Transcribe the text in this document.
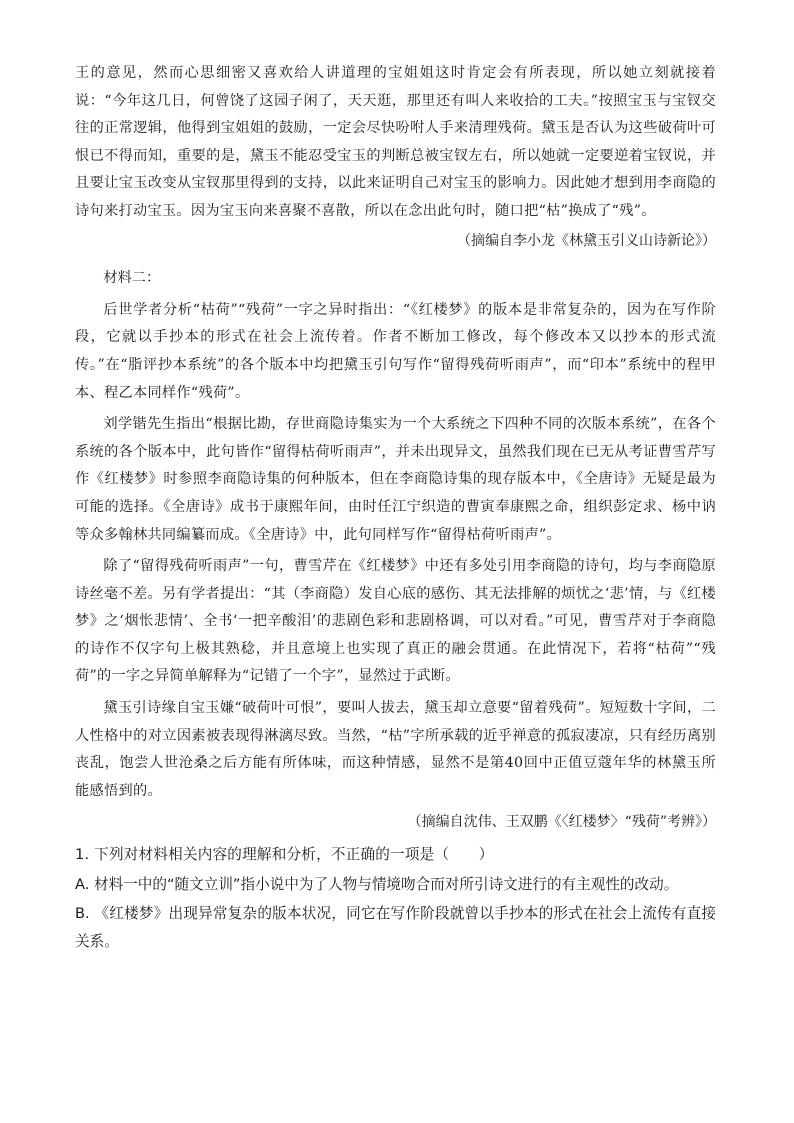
王的意见，然而心思细密又喜欢给人讲道理的宝姐姐这时肯定会有所表现，所以她立刻就接着说：“今年这几日，何曾饶了这园子闲了，天天逛，那里还有叫人来收拾的工夫。”按照宝玉与宝钗交往的正常逻辑，他得到宝姐姐的鼓励，一定会尽快吩咐人手来清理残荷。黛玉是否认为这些破荷叶可恨已不得而知，重要的是，黛玉不能忍受宝玉的判断总被宝钗左右，所以她就一定要逆着宝钗说，并且要让宝玉改变从宝钗那里得到的支持，以此来证明自己对宝玉的影响力。因此她才想到用李商隐的诗句来打动宝玉。因为宝玉向来喜聚不喜散，所以在念出此句时，随口把“枯”换成了“残”。

（摘编自李小龙《林黛玉引义山诗新论》）

材料二：

后世学者分析“枯荷”“残荷”一字之异时指出：“《红楼梦》的版本是非常复杂的，因为在写作阶段，它就以手抄本的形式在社会上流传着。作者不断加工修改，每个修改本又以抄本的形式流传。”在“脂评抄本系统”的各个版本中均把黛玉引句写作“留得残荷听雨声”，而“印本”系统中的程甲本、程乙本同样作“残荷”。

刘学锴先生指出“根据比勘，存世商隐诗集实为一个大系统之下四种不同的次版本系统”，在各个系统的各个版本中，此句皆作“留得枯荷听雨声”，并未出现异文，虽然我们现在已无从考证曹雪芹写作《红楼梦》时参照李商隐诗集的何种版本，但在李商隐诗集的现存版本中，《全唐诗》无疑是最为可能的选择。《全唐诗》成书于康熙年间，由时任江宁织造的曹寅奉康熙之命，组织彭定求、杨中讷等众多翰林共同编纂而成。《全唐诗》中，此句同样写作“留得枯荷听雨声”。

除了“留得残荷听雨声”一句，曹雪芹在《红楼梦》中还有多处引用李商隐的诗句，均与李商隐原诗丝毫不差。另有学者提出：“其（李商隐）发自心底的感伤、其无法排解的烦忧之‘悲’情，与《红楼梦》之‘烟怅悲情’、全书‘一把辛酸泪’的悲剧色彩和悲剧格调，可以对看。”可见，曹雪芹对于李商隐的诗作不仅字句上极其熟稔，并且意境上也实现了真正的融会贯通。在此情况下，若将“枯荷”“残荷”的一字之异简单解释为“记错了一个字”，显然过于武断。

黛玉引诗缘自宝玉嫌“破荷叶可恨”，要叫人拔去，黛玉却立意要“留着残荷”。短短数十字间，二人性格中的对立因素被表现得淋漓尽致。当然，“枯”字所承载的近乎禅意的孤寂凄凉，只有经历离别丧乱，饱尝人世沧桑之后方能有所体味，而这种情感，显然不是第40回中正值豆蔻年华的林黛玉所能感悟到的。

（摘编自沈伟、王双鹏《〈红楼梦〉“残荷”考辨》）

1. 下列对材料相关内容的理解和分析，不正确的一项是（　　）

A. 材料一中的“随文立训”指小说中为了人物与情境吻合而对所引诗文进行的有主观性的改动。

B. 《红楼梦》出现异常复杂的版本状况，同它在写作阶段就曾以手抄本的形式在社会上流传有直接关系。
